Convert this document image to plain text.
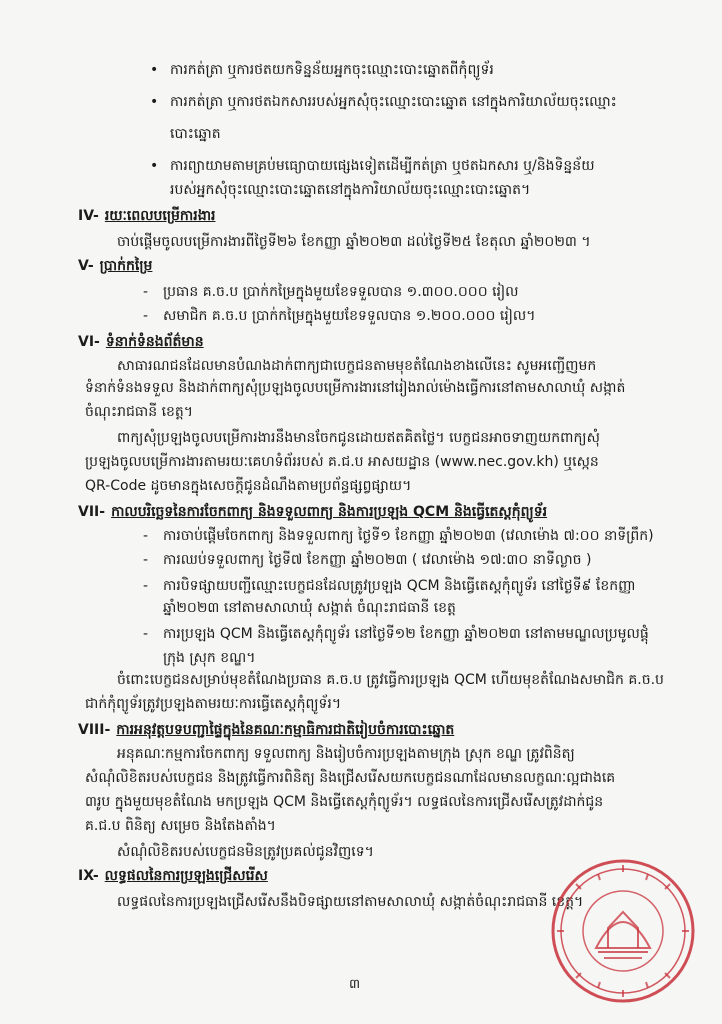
• ការកត់ត្រា ឬការថតយកទិន្នន័យអ្នកចុះឈ្មោះបោះឆ្នោតពីកុំព្យូទ័រ
• ការកត់ត្រា ឬការថតឯកសាររបស់អ្នកសុំចុះឈ្មោះបោះឆ្នោត នៅក្នុងការិយាល័យចុះឈ្មោះ
បោះឆ្នោត
• ការព្យាយាមតាមគ្រប់មធ្យោបាយផ្សេងទៀតដើម្បីកត់ត្រា ឬថតឯកសារ ឬ/និងទិន្នន័យ
របស់អ្នកសុំចុះឈ្មោះបោះឆ្នោតនៅក្នុងការិយាល័យចុះឈ្មោះបោះឆ្នោត។
IV- រយៈពេលបម្រើការងារ
ចាប់ផ្តើមចូលបម្រើការងារពីថ្ងៃទី២៦ ខែកញ្ញា ឆ្នាំ២០២៣ ដល់ថ្ងៃទី២៥ ខែតុលា ឆ្នាំ២០២៣ ។
V- ប្រាក់កម្រៃ
- ប្រធាន គ.ច.ប ប្រាក់កម្រៃក្នុងមួយខែទទួលបាន ១.៣០០.០០០ រៀល
- សមាជិក គ.ច.ប ប្រាក់កម្រៃក្នុងមួយខែទទួលបាន ១.២០០.០០០ រៀល។
VI- ទំនាក់ទំនងព័ត៌មាន
សាធារណជនដែលមានបំណងដាក់ពាក្យជាបេក្ខជនតាមមុខតំណែងខាងលើនេះ សូមអញ្ជើញមក
ទំនាក់ទំនងទទួល និងដាក់ពាក្យសុំប្រឡងចូលបម្រើការងារនៅរៀងរាល់ម៉ោងធ្វើការនៅតាមសាលាឃុំ សង្កាត់
ចំណុះរាជធានី ខេត្ត។
ពាក្យសុំប្រឡងចូលបម្រើការងារនឹងមានចែកជូនដោយឥតគិតថ្លៃ។ បេក្ខជនអាចទាញយកពាក្យសុំ
ប្រឡងចូលបម្រើការងារតាមរយៈគេហទំព័ររបស់ គ.ជ.ប អាសយដ្ឋាន (www.nec.gov.kh) ឬស្កេន
QR-Code ដូចមានក្នុងសេចក្តីជូនដំណឹងតាមប្រព័ន្ធផ្សព្វផ្សាយ។
VII- កាលបរិច្ឆេទនៃការចែកពាក្យ និងទទួលពាក្យ និងការប្រឡង QCM និងធ្វើតេស្តកុំព្យូទ័រ
- ការចាប់ផ្តើមចែកពាក្យ និងទទួលពាក្យ ថ្ងៃទី១ ខែកញ្ញា ឆ្នាំ២០២៣ (វេលាម៉ោង ៧:០០ នាទីព្រឹក)
- ការឈប់ទទួលពាក្យ ថ្ងៃទី៧ ខែកញ្ញា ឆ្នាំ២០២៣ ( វេលាម៉ោង ១៧:៣០ នាទីល្ងាច )
- ការបិទផ្សាយបញ្ជីឈ្មោះបេក្ខជនដែលត្រូវប្រឡង QCM និងធ្វើតេស្តកុំព្យូទ័រ នៅថ្ងៃទី៩ ខែកញ្ញា
ឆ្នាំ២០២៣ នៅតាមសាលាឃុំ សង្កាត់ ចំណុះរាជធានី ខេត្ត
- ការប្រឡង QCM និងធ្វើតេស្តកុំព្យូទ័រ នៅថ្ងៃទី១២ ខែកញ្ញា ឆ្នាំ២០២៣ នៅតាមមណ្ឌលប្រមូលផ្តុំ
ក្រុង ស្រុក ខណ្ឌ។
ចំពោះបេក្ខជនសម្រាប់មុខតំណែងប្រធាន គ.ច.ប ត្រូវធ្វើការប្រឡង QCM ហើយមុខតំណែងសមាជិក គ.ច.ប
ជាក់កុំព្យូទ័រត្រូវប្រឡងតាមរយៈការធ្វើតេស្តកុំព្យូទ័រ។
VIII- ការអនុវត្តបទបញ្ជាផ្ទៃក្នុងនៃគណៈកម្មាធិការជាតិរៀបចំការបោះឆ្នោត
អនុគណៈកម្មការចែកពាក្យ ទទួលពាក្យ និងរៀបចំការប្រឡងតាមក្រុង ស្រុក ខណ្ឌ ត្រូវពិនិត្យ
សំណុំលិខិតរបស់បេក្ខជន និងត្រូវធ្វើការពិនិត្យ និងជ្រើសរើសយកបេក្ខជនណាដែលមានលក្ខណៈល្អជាងគេ
៣រូប ក្នុងមួយមុខតំណែង មកប្រឡង QCM និងធ្វើតេស្តកុំព្យូទ័រ។ លទ្ធផលនៃការជ្រើសរើសត្រូវដាក់ជូន
គ.ជ.ប ពិនិត្យ សម្រេច និងតែងតាំង។
សំណុំលិខិតរបស់បេក្ខជនមិនត្រូវប្រគល់ជូនវិញទេ។
IX- លទ្ធផលនៃការប្រឡងជ្រើសរើស
លទ្ធផលនៃការប្រឡងជ្រើសរើសនឹងបិទផ្សាយនៅតាមសាលាឃុំ សង្កាត់ចំណុះរាជធានី ខេត្ត។
៣
